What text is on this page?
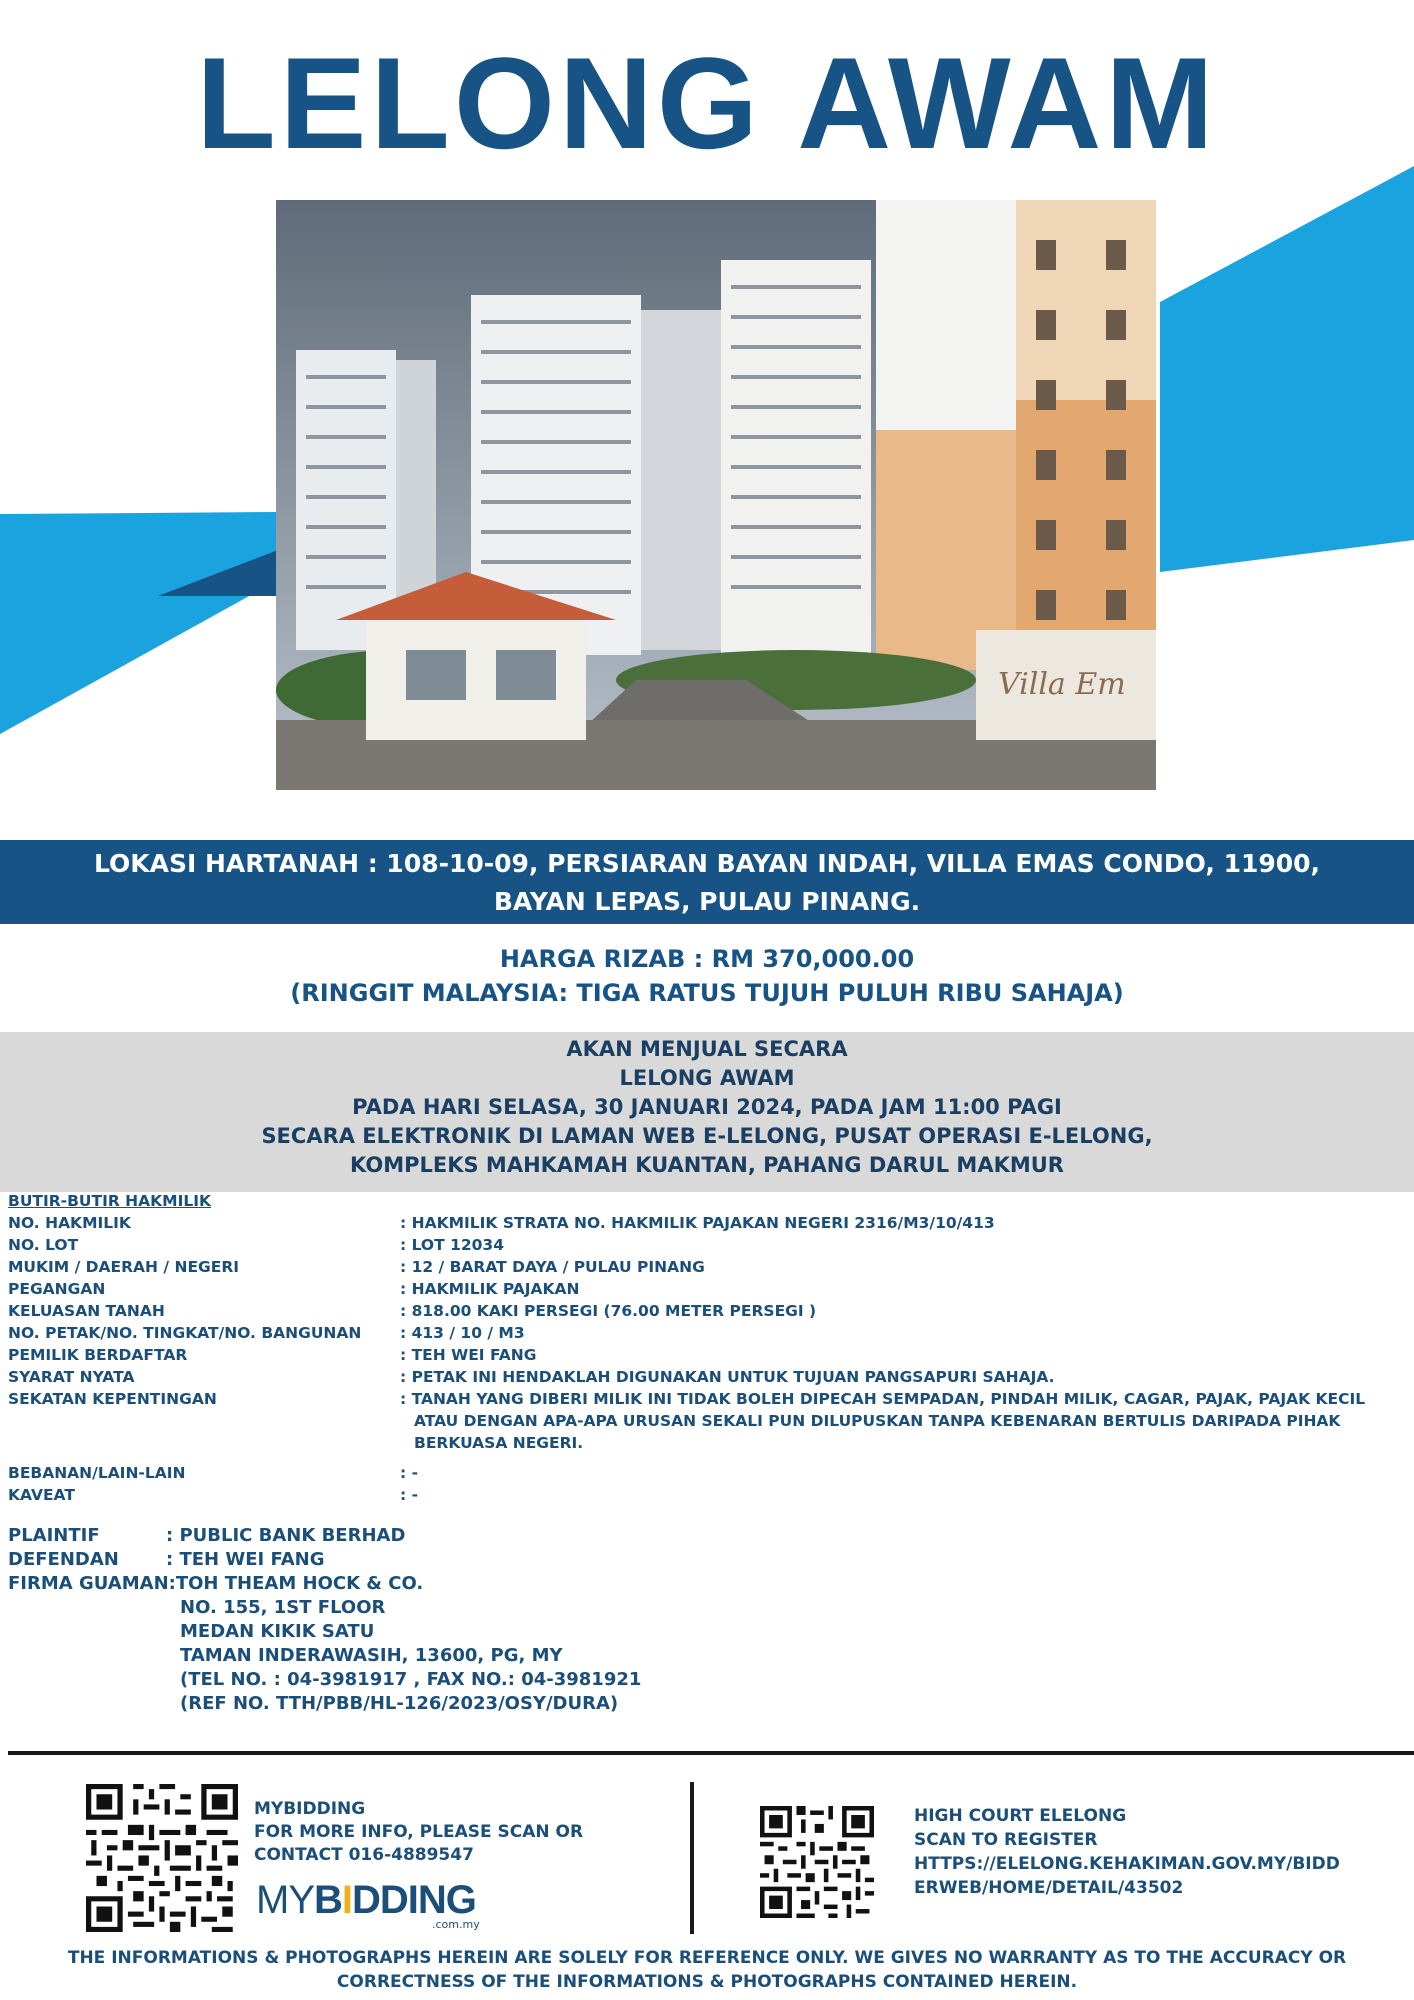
LELONG AWAM
Villa Em
LOKASI HARTANAH : 108-10-09, PERSIARAN BAYAN INDAH, VILLA EMAS CONDO, 11900,
BAYAN LEPAS, PULAU PINANG.
HARGA RIZAB : RM 370,000.00
(RINGGIT MALAYSIA: TIGA RATUS TUJUH PULUH RIBU SAHAJA)
AKAN MENJUAL SECARA
LELONG AWAM
PADA HARI SELASA, 30 JANUARI 2024, PADA JAM 11:00 PAGI
SECARA ELEKTRONIK DI LAMAN WEB E-LELONG, PUSAT OPERASI E-LELONG,
KOMPLEKS MAHKAMAH KUANTAN, PAHANG DARUL MAKMUR
BUTIR-BUTIR HAKMILIK
NO. HAKMILIK	: HAKMILIK STRATA NO. HAKMILIK PAJAKAN NEGERI 2316/M3/10/413
NO. LOT	: LOT 12034
MUKIM / DAERAH / NEGERI	: 12 / BARAT DAYA / PULAU PINANG
PEGANGAN	: HAKMILIK PAJAKAN
KELUASAN TANAH	: 818.00 KAKI PERSEGI (76.00 METER PERSEGI )
NO. PETAK/NO. TINGKAT/NO. BANGUNAN	: 413 / 10 / M3
PEMILIK BERDAFTAR	: TEH WEI FANG
SYARAT NYATA	: PETAK INI HENDAKLAH DIGUNAKAN UNTUK TUJUAN PANGSAPURI SAHAJA.
SEKATAN KEPENTINGAN	: TANAH YANG DIBERI MILIK INI TIDAK BOLEH DIPECAH SEMPADAN, PINDAH MILIK, CAGAR, PAJAK, PAJAK KECIL
ATAU DENGAN APA-APA URUSAN SEKALI PUN DILUPUSKAN TANPA KEBENARAN BERTULIS DARIPADA PIHAK
BERKUASA NEGERI.
BEBANAN/LAIN-LAIN	: -
KAVEAT	: -
PLAINTIF	: PUBLIC BANK BERHAD
DEFENDAN	: TEH WEI FANG
FIRMA GUAMAN :TOH THEAM HOCK & CO.
NO. 155, 1ST FLOOR
MEDAN KIKIK SATU
TAMAN INDERAWASIH, 13600, PG, MY
(TEL NO. : 04-3981917 , FAX NO.: 04-3981921
(REF NO. TTH/PBB/HL-126/2023/OSY/DURA)
MYBIDDING
FOR MORE INFO, PLEASE SCAN OR
CONTACT 016-4889547
MYBIDDING
.com.my
HIGH COURT ELELONG
SCAN TO REGISTER
HTTPS://ELELONG.KEHAKIMAN.GOV.MY/BIDD
ERWEB/HOME/DETAIL/43502
THE INFORMATIONS & PHOTOGRAPHS HEREIN ARE SOLELY FOR REFERENCE ONLY. WE GIVES NO WARRANTY AS TO THE ACCURACY OR
CORRECTNESS OF THE INFORMATIONS & PHOTOGRAPHS CONTAINED HEREIN.
